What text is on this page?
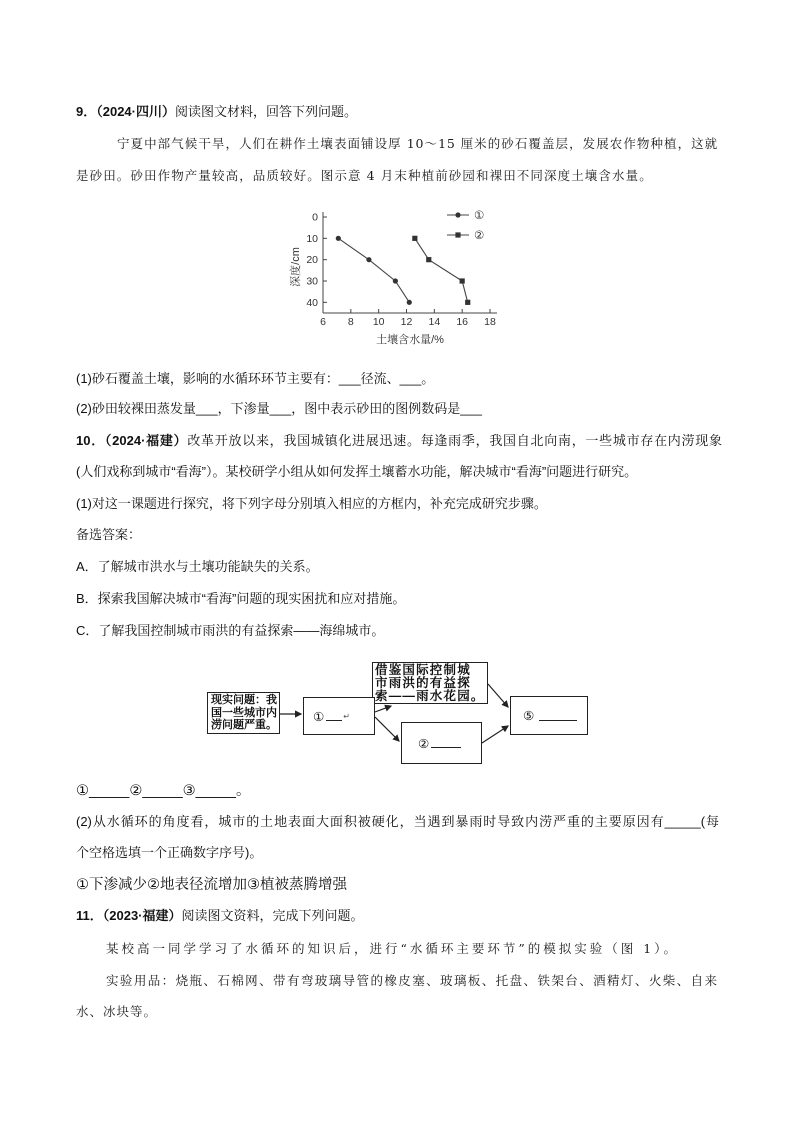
9．（2024·四川）阅读图文材料，回答下列问题。
宁夏中部气候干旱，人们在耕作土壤表面铺设厚 10～15 厘米的砂石覆盖层，发展农作物种植，这就
是砂田。砂田作物产量较高，品质较好。图示意 4 月末种植前砂园和裸田不同深度土壤含水量。
0
10
20
30
40
6 8 10 12 14 16 18
①
②
土壤含水量/%
深度/cm
(1)砂石覆盖土壤，影响的水循环环节主要有：___径流、___。
(2)砂田较裸田蒸发量___，下渗量___，图中表示砂田的图例数码是___
10．（2024·福建）改革开放以来，我国城镇化进展迅速。每逢雨季，我国自北向南，一些城市存在内涝现象
(人们戏称到城市“看海”）。某校研学小组从如何发挥土壤蓄水功能，解决城市“看海”问题进行研究。
(1)对这一课题进行探究，将下列字母分别填入相应的方框内，补充完成研究步骤。
备选答案：
A．了解城市洪水与土壤功能缺失的关系。
B．探索我国解决城市“看海”问题的现实困扰和应对措施。
C．了解我国控制城市雨洪的有益探索——海绵城市。
现实问题：我
国一些城市内
涝问题严重。
借鉴国际控制城
市雨洪的有益探
索——雨水花园。
① ↵
②
⑤
①_____②_____③_____。
(2)从水循环的角度看，城市的土地表面大面积被硬化，当遇到暴雨时导致内涝严重的主要原因有_____(每
个空格选填一个正确数字序号)。
①下渗减少②地表径流增加③植被蒸腾增强
11．（2023·福建）阅读图文资料，完成下列问题。
某校高一同学学习了水循环的知识后，进行“水循环主要环节”的模拟实验（图 1）。
实验用品：烧瓶、石棉网、带有弯玻璃导管的橡皮塞、玻璃板、托盘、铁架台、酒精灯、火柴、自来
水、冰块等。
